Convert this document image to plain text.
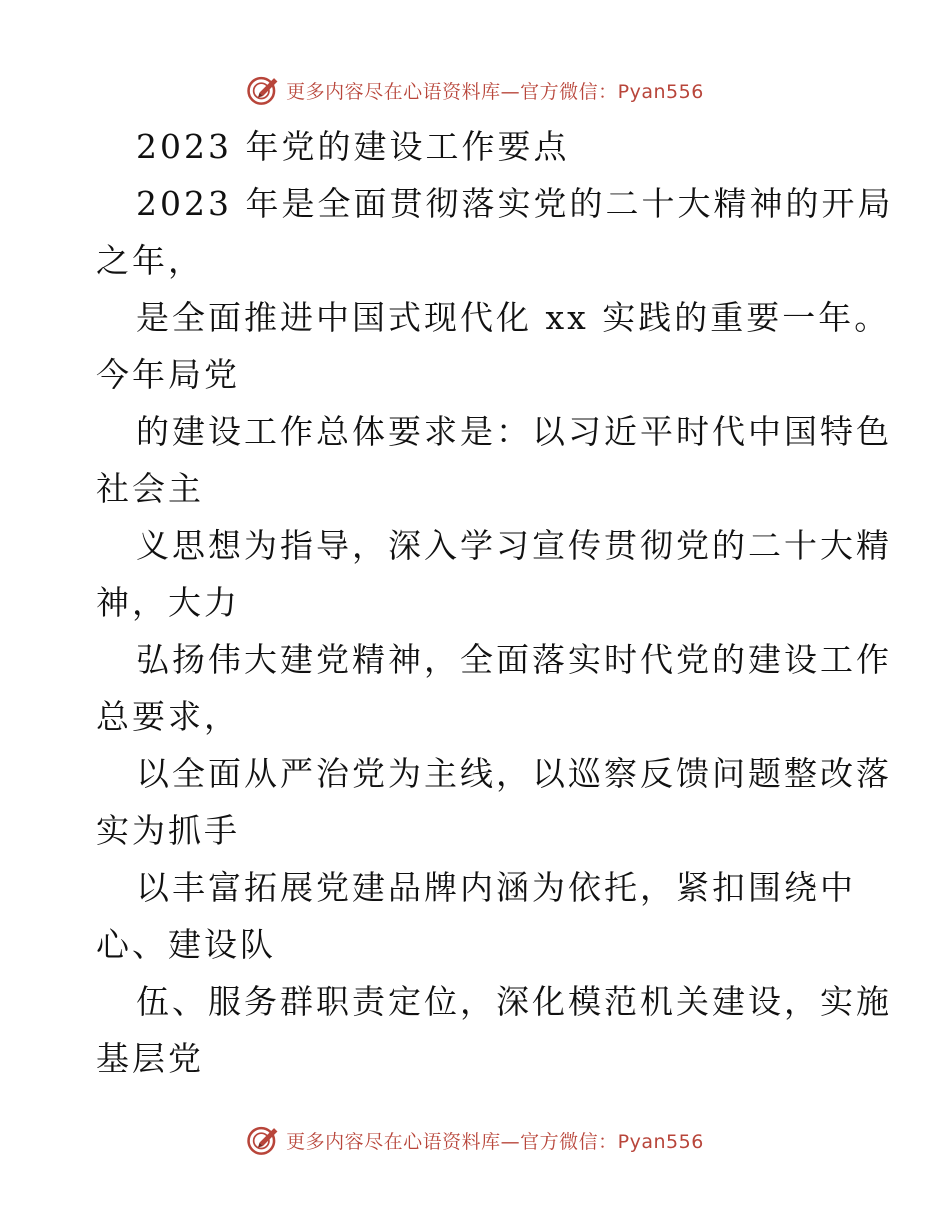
更多内容尽在心语资料库—官方微信：Pyan556
2023 年党的建设工作要点
2023 年是全面贯彻落实党的二十大精神的开局
之年，
是全面推进中国式现代化 xx 实践的重要一年。
今年局党
的建设工作总体要求是：以习近平时代中国特色
社会主
义思想为指导，深入学习宣传贯彻党的二十大精
神，大力
弘扬伟大建党精神，全面落实时代党的建设工作
总要求，
以全面从严治党为主线，以巡察反馈问题整改落
实为抓手
以丰富拓展党建品牌内涵为依托，紧扣围绕中
心、建设队
伍、服务群职责定位，深化模范机关建设，实施
基层党
更多内容尽在心语资料库—官方微信：Pyan556
